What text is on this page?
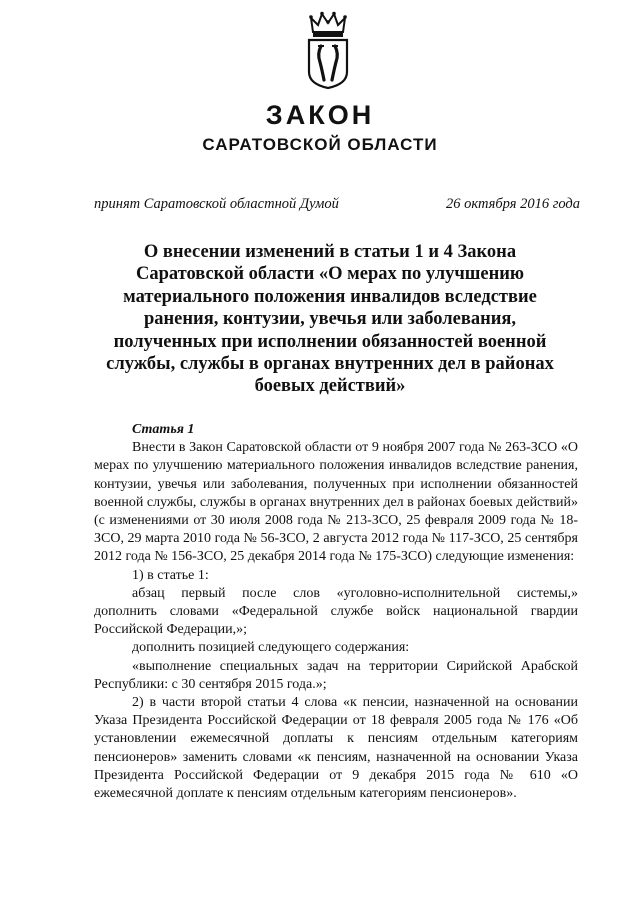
ЗАКОН
САРАТОВСКОЙ ОБЛАСТИ
принят Саратовской областной Думой	26 октября 2016 года
О внесении изменений в статьи 1 и 4 Закона
Саратовской области «О мерах по улучшению
материального положения инвалидов вследствие
ранения, контузии, увечья или заболевания,
полученных при исполнении обязанностей военной
службы, службы в органах внутренних дел в районах
боевых действий»
Статья 1

Внести в Закон Саратовской области от 9 ноября 2007 года № 263-ЗСО «О мерах по улучшению материального положения инвалидов вследствие ранения, контузии, увечья или заболевания, полученных при исполнении обязанностей военной службы, службы в органах внутренних дел в районах боевых действий» (с изменениями от 30 июля 2008 года № 213-ЗСО, 25 февраля 2009 года № 18-ЗСО, 29 марта 2010 года № 56-ЗСО, 2 августа 2012 года № 117-ЗСО, 25 сентября 2012 года № 156-ЗСО, 25 декабря 2014 года № 175-ЗСО) следующие изменения:

1) в статье 1:

абзац первый после слов «уголовно-исполнительной системы,» дополнить словами «Федеральной службе войск национальной гвардии Российской Федерации,»;

дополнить позицией следующего содержания:

«выполнение специальных задач на территории Сирийской Арабской Республики: с 30 сентября 2015 года.»;

2) в части второй статьи 4 слова «к пенсии, назначенной на основании Указа Президента Российской Федерации от 18 февраля 2005 года № 176 «Об установлении ежемесячной доплаты к пенсиям отдельным категориям пенсионеров» заменить словами «к пенсиям, назначенной на основании Указа Президента Российской Федерации от 9 декабря 2015 года № 610 «О ежемесячной доплате к пенсиям отдельным категориям пенсионеров».
